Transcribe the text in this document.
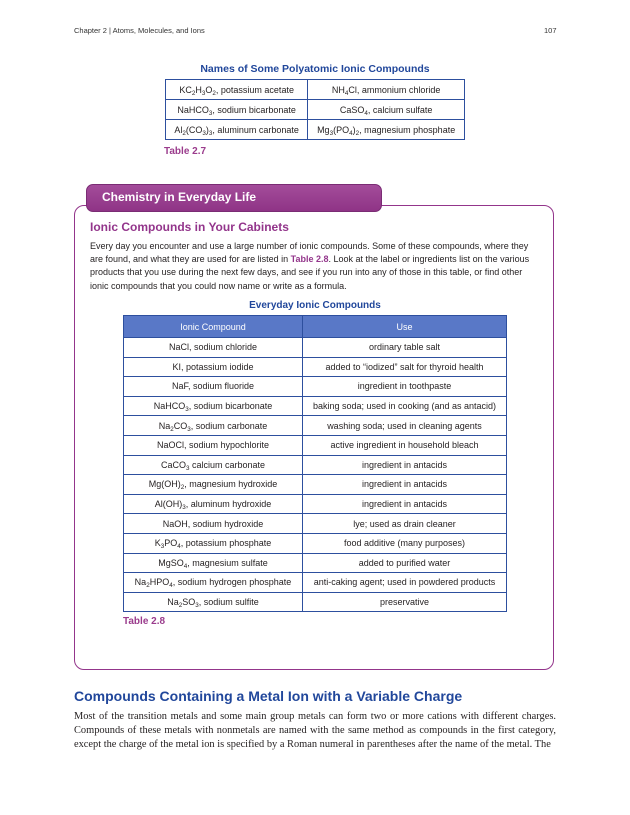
Chapter 2 | Atoms, Molecules, and Ions	107
Names of Some Polyatomic Ionic Compounds
$KC_2H_3O_2$, potassium acetate	$NH_4Cl$, ammonium chloride
NaHCO$_3$, sodium bicarbonate	CaSO$_4$, calcium sulfate
$Al_2(CO_3)_3$, aluminum carbonate	$Mg_3(PO_4)_2$, magnesium phosphate
Table 2.7
Chemistry in Everyday Life
Ionic Compounds in Your Cabinets

Every day you encounter and use a large number of ionic compounds. Some of these compounds, where they are found, and what they are used for are listed in Table 2.8. Look at the label or ingredients list on the various products that you use during the next few days, and see if you run into any of those in this table, or find other ionic compounds that you could now name or write as a formula.

Everyday Ionic Compounds
Ionic Compound	Use
NaCl, sodium chloride	ordinary table salt
KI, potassium iodide	added to “iodized” salt for thyroid health
NaF, sodium fluoride	ingredient in toothpaste
NaHCO$_3$, sodium bicarbonate	baking soda; used in cooking (and as antacid)
$Na_2CO_3$, sodium carbonate	washing soda; used in cleaning agents
NaOCl, sodium hypochlorite	active ingredient in household bleach
CaCO$_3$ calcium carbonate	ingredient in antacids
$Mg(OH)_2$, magnesium hydroxide	ingredient in antacids
$Al(OH)_3$, aluminum hydroxide	ingredient in antacids
NaOH, sodium hydroxide	lye; used as drain cleaner
$K_3PO_4$, potassium phosphate	food additive (many purposes)
MgSO$_4$, magnesium sulfate	added to purified water
$Na_2HPO_4$, sodium hydrogen phosphate	anti-caking agent; used in powdered products
$Na_2SO_3$, sodium sulfite	preservative
Table 2.8
Compounds Containing a Metal Ion with a Variable Charge

Most of the transition metals and some main group metals can form two or more cations with different charges. Compounds of these metals with nonmetals are named with the same method as compounds in the first category, except the charge of the metal ion is specified by a Roman numeral in parentheses after the name of the metal. The
